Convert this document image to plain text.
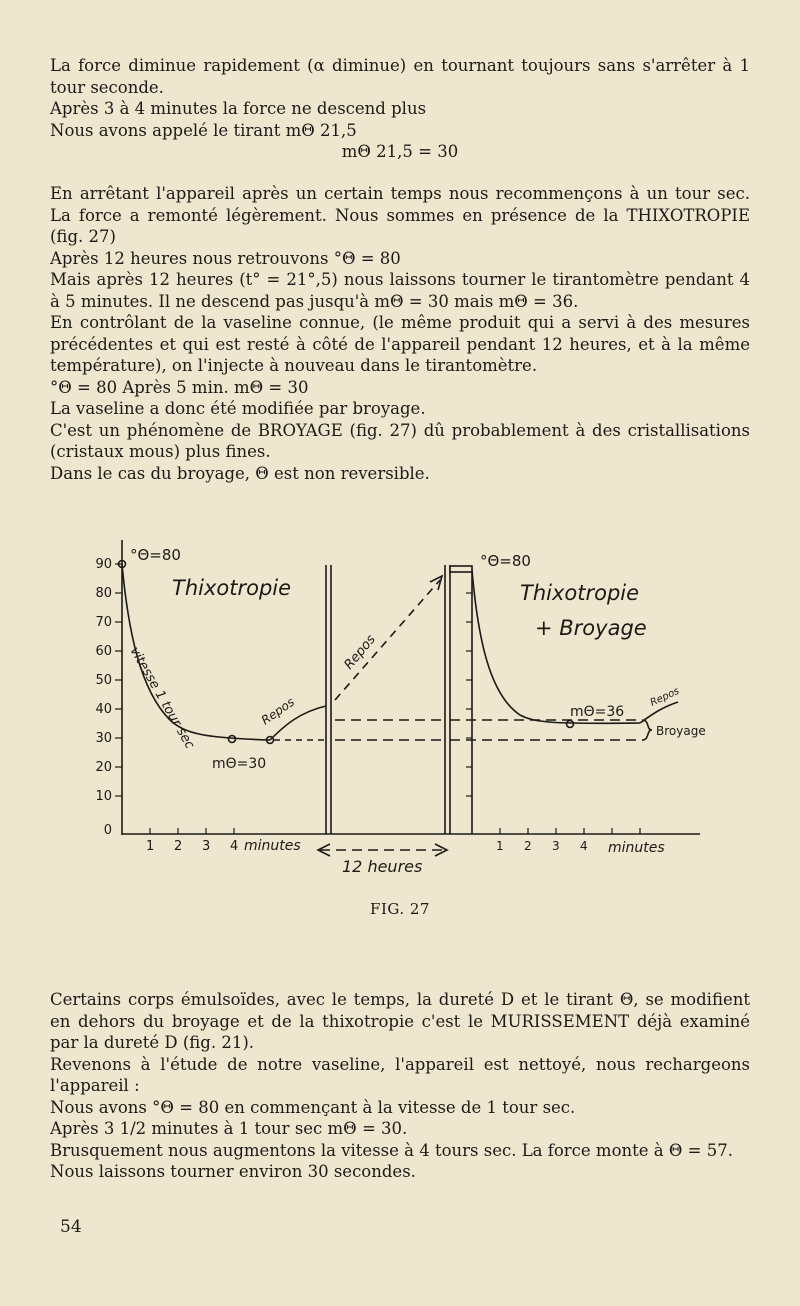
La force diminue rapidement (α diminue) en tournant toujours sans s'arrêter à 1 tour seconde.
Après 3 à 4 minutes la force ne descend plus
Nous avons appelé le tirant mΘ 21,5
mΘ 21,5 = 30
En arrêtant l'appareil après un certain temps nous recommençons à un tour sec. La force a remonté légèrement. Nous sommes en présence de la THIXOTROPIE (fig. 27)
Après 12 heures nous retrouvons °Θ = 80
Mais après 12 heures (t° = 21°,5) nous laissons tourner le tirantomètre pendant 4 à 5 minutes. Il ne descend pas jusqu'à mΘ = 30 mais mΘ = 36.
En contrôlant de la vaseline connue, (le même produit qui a servi à des mesures précédentes et qui est resté à côté de l'appareil pendant 12 heures, et à la même température), on l'injecte à nouveau dans le tirantomètre.
°Θ = 80 Après 5 min. mΘ = 30
La vaseline a donc été modifiée par broyage.
C'est un phénomène de BROYAGE (fig. 27) dû probablement à des cristallisations (cristaux mous) plus fines.
Dans le cas du broyage, Θ est non reversible.
90
80
70
60
50
40
30
20
10
0
°Θ=80
Thixotropie
vitesse 1 tour sec
mΘ=30
Repos
Repos
°Θ=80
Thixotropie
+ Broyage
mΘ=36
Repos
Broyage
1 2 3 4 minutes
12 heures
1 2 3 4 minutes
FIG. 27
Certains corps émulsoïdes, avec le temps, la dureté D et le tirant Θ, se modifient en dehors du broyage et de la thixotropie c'est le MURISSEMENT déjà examiné par la dureté D (fig. 21).
Revenons à l'étude de notre vaseline, l'appareil est nettoyé, nous rechargeons l'appareil :
Nous avons °Θ = 80 en commençant à la vitesse de 1 tour sec.
Après 3 1/2 minutes à 1 tour sec mΘ = 30.
Brusquement nous augmentons la vitesse à 4 tours sec. La force monte à Θ = 57.
Nous laissons tourner environ 30 secondes.
54
